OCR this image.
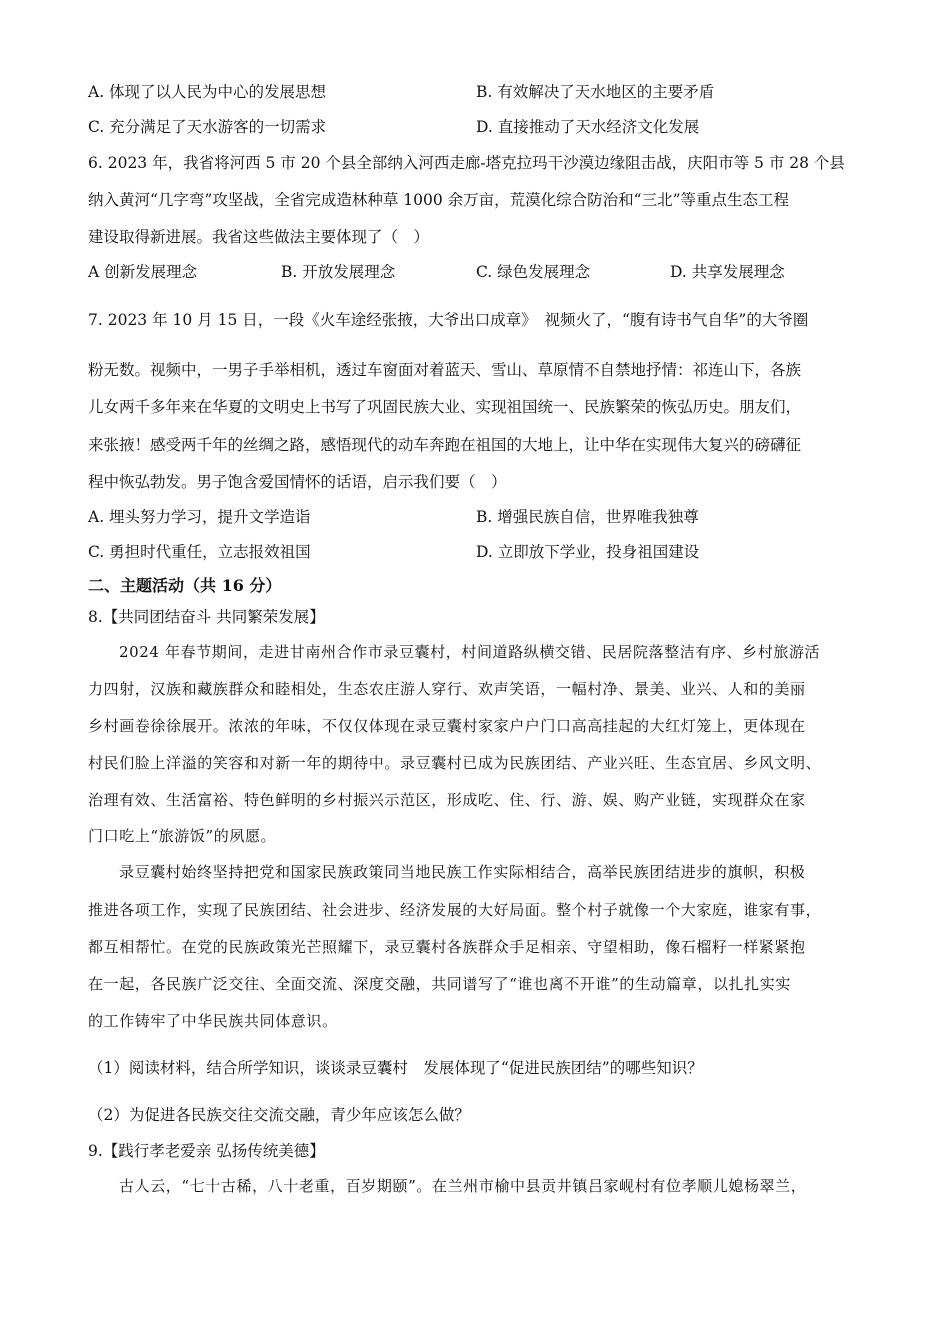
A. 体现了以人民为中心的发展思想	B. 有效解决了天水地区的主要矛盾
C. 充分满足了天水游客的一切需求	D. 直接推动了天水经济文化发展
6. 2023 年，我省将河西 5 市 20 个县全部纳入河西走廊-塔克拉玛干沙漠边缘阻击战，庆阳市等 5 市 28 个县
纳入黄河“几字弯”攻坚战，全省完成造林种草 1000 余万亩，荒漠化综合防治和“三北”等重点生态工程
建设取得新进展。我省这些做法主要体现了（　）
A 创新发展理念	B. 开放发展理念	C. 绿色发展理念	D. 共享发展理念
7. 2023 年 10 月 15 日，一段《火车途经张掖，大爷出口成章》　视频火了，“腹有诗书气自华”的大爷圈
粉无数。视频中，一男子手举相机，透过车窗面对着蓝天、雪山、草原情不自禁地抒情：祁连山下，各族
儿女两千多年来在华夏的文明史上书写了巩固民族大业、实现祖国统一、民族繁荣的恢弘历史。朋友们，
来张掖！感受两千年的丝绸之路，感悟现代的动车奔跑在祖国的大地上，让中华在实现伟大复兴的磅礴征
程中恢弘勃发。男子饱含爱国情怀的话语，启示我们要（　）
A. 埋头努力学习，提升文学造诣	B. 增强民族自信，世界唯我独尊
C. 勇担时代重任，立志报效祖国	D. 立即放下学业，投身祖国建设
二、主题活动（共 16 分）
8.【共同团结奋斗 共同繁荣发展】
2024 年春节期间，走进甘南州合作市录豆囊村，村间道路纵横交错、民居院落整洁有序、乡村旅游活
力四射，汉族和藏族群众和睦相处，生态农庄游人穿行、欢声笑语，一幅村净、景美、业兴、人和的美丽
乡村画卷徐徐展开。浓浓的年味，不仅仅体现在录豆囊村家家户户门口高高挂起的大红灯笼上，更体现在
村民们脸上洋溢的笑容和对新一年的期待中。录豆囊村已成为民族团结、产业兴旺、生态宜居、乡风文明、
治理有效、生活富裕、特色鲜明的乡村振兴示范区，形成吃、住、行、游、娱、购产业链，实现群众在家
门口吃上“旅游饭”的夙愿。
录豆囊村始终坚持把党和国家民族政策同当地民族工作实际相结合，高举民族团结进步的旗帜，积极
推进各项工作，实现了民族团结、社会进步、经济发展的大好局面。整个村子就像一个大家庭，谁家有事，
都互相帮忙。在党的民族政策光芒照耀下，录豆囊村各族群众手足相亲、守望相助，像石榴籽一样紧紧抱
在一起，各民族广泛交往、全面交流、深度交融，共同谱写了“谁也离不开谁”的生动篇章，以扎扎实实
的工作铸牢了中华民族共同体意识。
（1）阅读材料，结合所学知识，谈谈录豆囊村　发展体现了“促进民族团结”的哪些知识？
（2）为促进各民族交往交流交融，青少年应该怎么做？
9.【践行孝老爱亲 弘扬传统美德】
古人云，“七十古稀，八十老重，百岁期颐”。在兰州市榆中县贡井镇吕家岘村有位孝顺儿媳杨翠兰，
